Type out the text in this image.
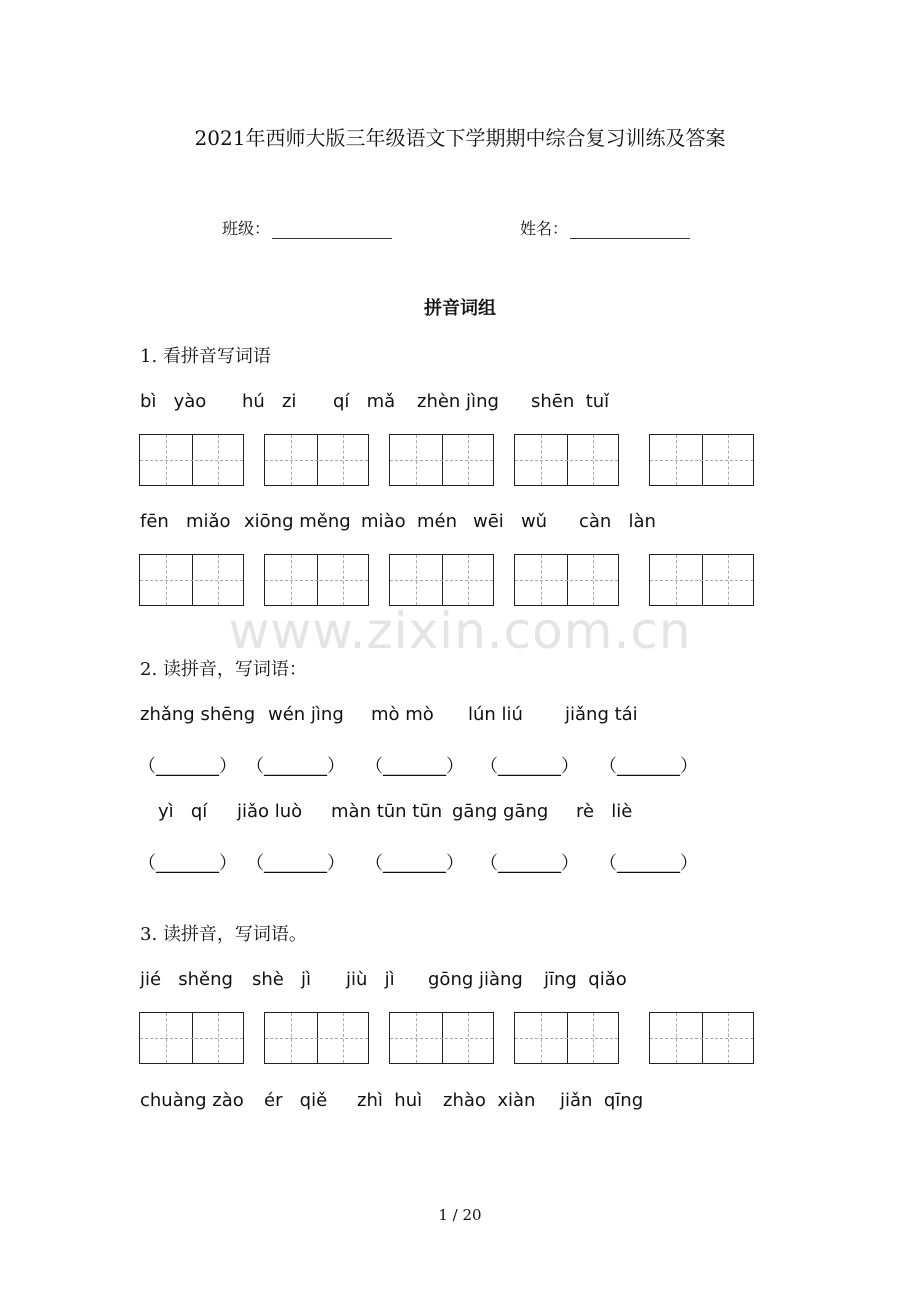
www.zixin.com.cn
2021年西师大版三年级语文下学期期中综合复习训练及答案
班级：	姓名：
拼音词组
1. 看拼音写词语
bì   yào hú   zi qí   mǎ zhèn jìng shēn  tuǐ
fēn   miǎo xiōng měng miào  mén wēi   wǔ càn   làn
2. 读拼音，写词语：
zhǎng shēng wén jìng mò mò lún liú jiǎng tái
（_______） （_______） （_______） （_______） （_______）
yì   qí jiǎo luò màn tūn tūn gāng gāng rè   liè
（_______） （_______） （_______） （_______） （_______）
3. 读拼音，写词语。
jié   shěng shè   jì jiù   jì gōng jiàng jīng  qiǎo
chuàng zào ér   qiě zhì  huì zhào  xiàn jiǎn  qīng
1 / 20
